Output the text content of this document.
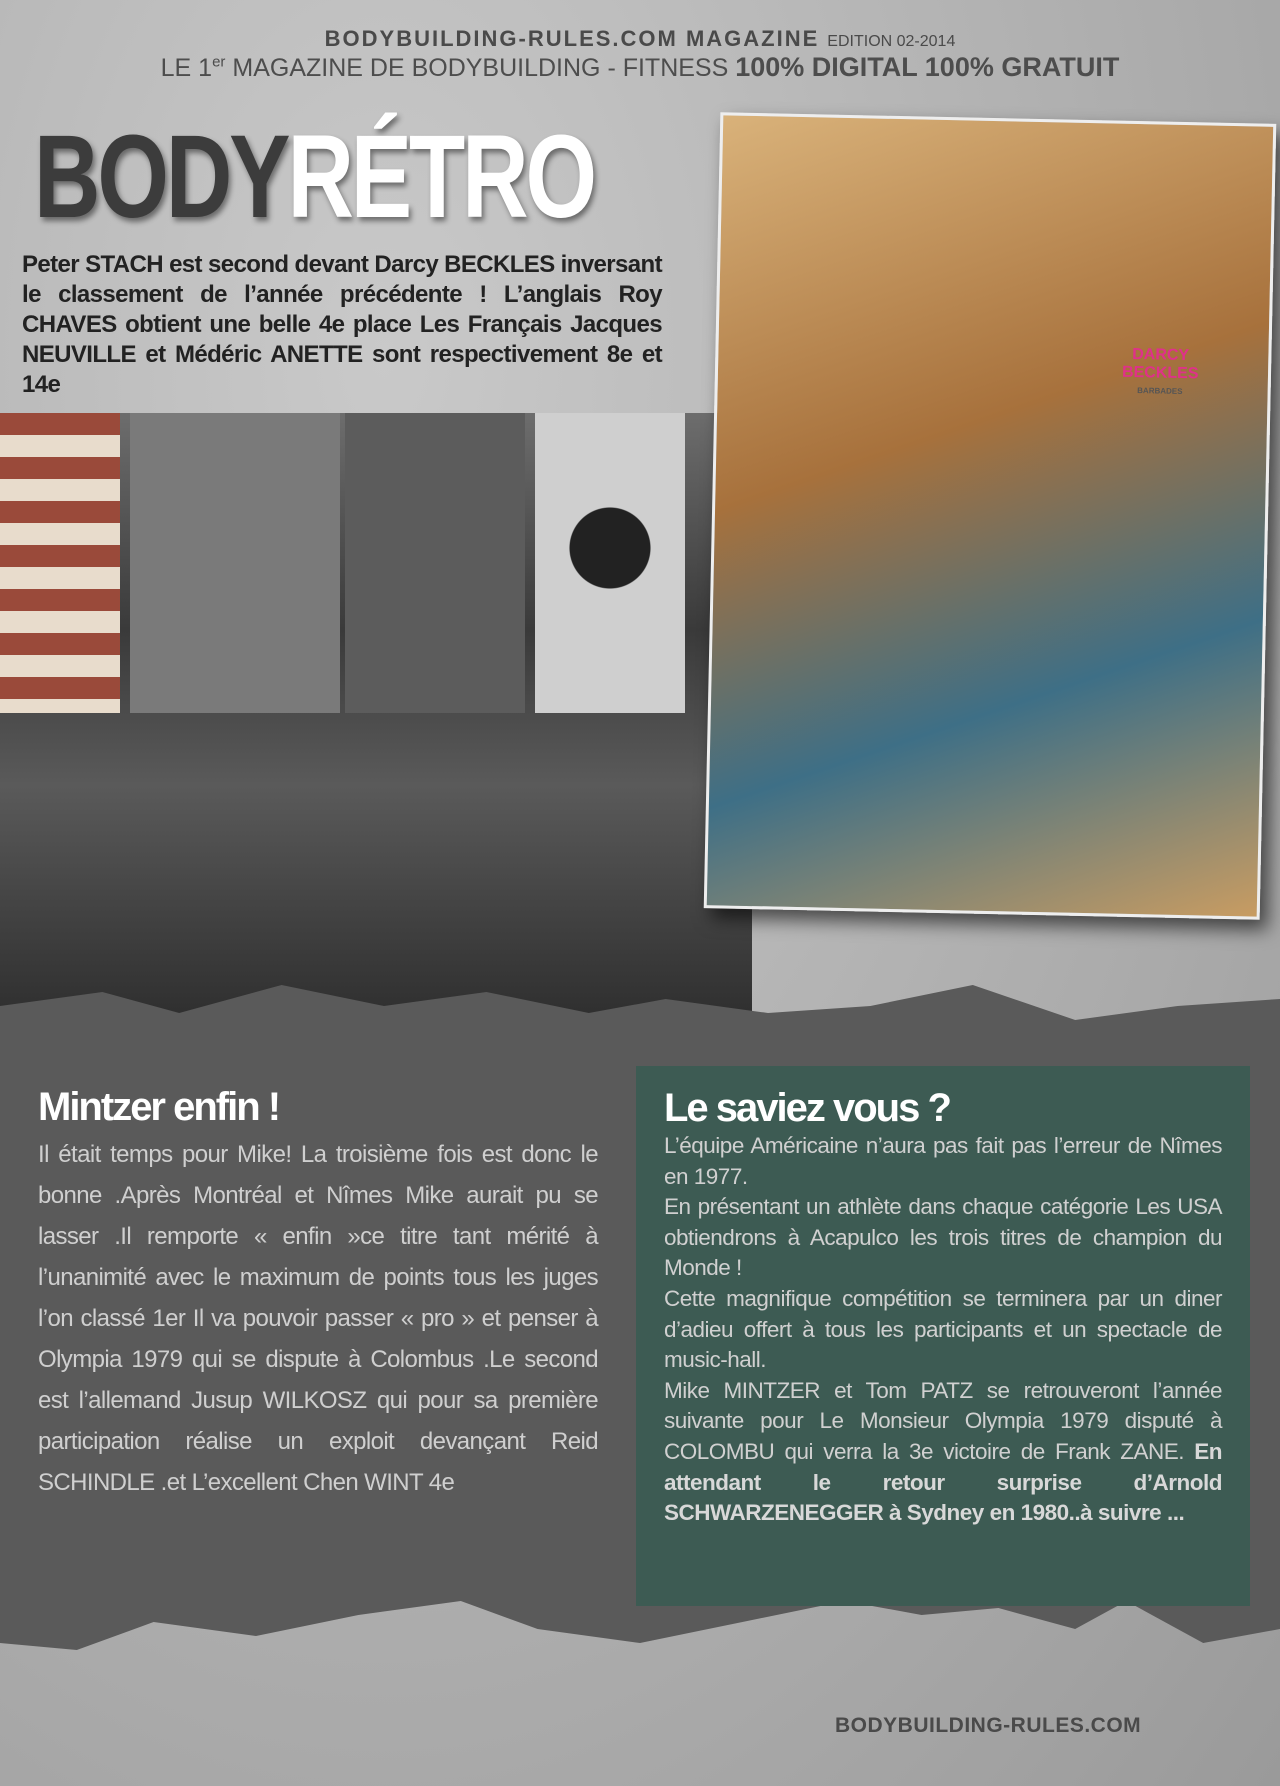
BODYBUILDING-RULES.COM MAGAZINE EDITION 02-2014
LE 1er MAGAZINE DE BODYBUILDING - FITNESS 100% DIGITAL 100% GRATUIT
BODYRÉTRO
Peter STACH est second devant Darcy BECKLES inversant le classement de l’année précédente ! L’anglais Roy CHAVES obtient une belle 4e place Les Français Jacques NEUVILLE et Médéric ANETTE sont respectivement 8e et 14e
DARCY
BECKLES
BARBADES
Mintzer enfin !
Il était temps pour Mike! La troisième fois est donc le bonne .Après Montréal et Nîmes Mike aurait pu se lasser .Il remporte « enfin »ce titre tant mérité à l’unanimité avec le maximum de points tous les juges l’on classé 1er Il va pouvoir passer « pro » et penser à Olympia 1979 qui se dispute à Colombus .Le second est l’allemand Jusup WILKOSZ qui pour sa première participation réalise un exploit devançant Reid SCHINDLE .et L’excellent Chen WINT 4e
Le saviez vous ?
L’équipe Américaine n’aura pas fait pas l’erreur de Nîmes en 1977.
En présentant un athlète dans chaque catégorie Les USA obtiendrons à Acapulco les trois titres de champion du Monde !
Cette magnifique compétition se terminera par un diner d’adieu offert à tous les participants et un spectacle de music-hall.
Mike MINTZER et Tom PATZ se retrouveront l’année suivante pour Le Monsieur Olympia 1979 disputé à COLOMBU qui verra la 3e victoire de Frank ZANE. En attendant le retour surprise d’Arnold SCHWARZENEGGER à Sydney en 1980..à suivre ...
BODYBUILDING-RULES.COM
